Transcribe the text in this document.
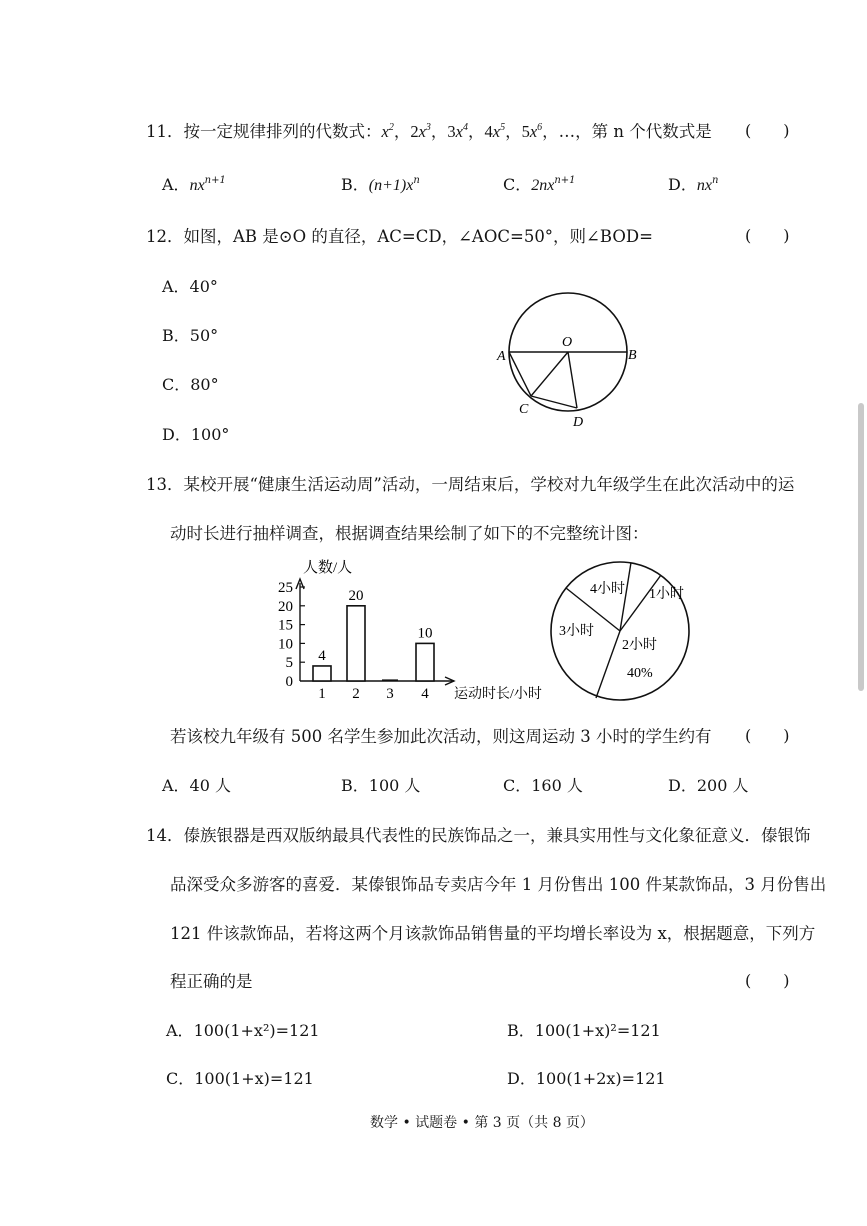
11．按一定规律排列的代数式：$x^2$，$2x^3$，$3x^4$，$4x^5$，$5x^6$，…，第 n 个代数式是 (　　)
A．$nx^{n+1}$	B．$(n+1)x^n$	C．$2nx^{n+1}$	D．$nx^n$
12．如图，AB 是⊙O 的直径，AC=CD，∠AOC=50°，则∠BOD=	(　　)
A．40°
B．50°
C．80°
D．100°
A	B
O
C
D
13．某校开展“健康生活运动周”活动，一周结束后，学校对九年级学生在此次活动中的运
动时长进行抽样调查，根据调查结果绘制了如下的不完整统计图：
0
5
10
15
20
25
1
4
2
20
3 4
10
人数/人
运动时长/小时
4小时 1小时
3小时
2小时
40%
若该校九年级有 500 名学生参加此次活动，则这周运动 3 小时的学生约有 (　　)
A．40 人	B．100 人	C．160 人	D．200 人
14．傣族银器是西双版纳最具代表性的民族饰品之一，兼具实用性与文化象征意义．傣银饰
品深受众多游客的喜爱．某傣银饰品专卖店今年 1 月份售出 100 件某款饰品，3 月份售出
121 件该款饰品，若将这两个月该款饰品销售量的平均增长率设为 x，根据题意，下列方
程正确的是	(　　)
A．100(1+x²)=121	B．100(1+x)²=121
C．100(1+x)=121	D．100(1+2x)=121
数学 • 试题卷 • 第 3 页（共 8 页）
